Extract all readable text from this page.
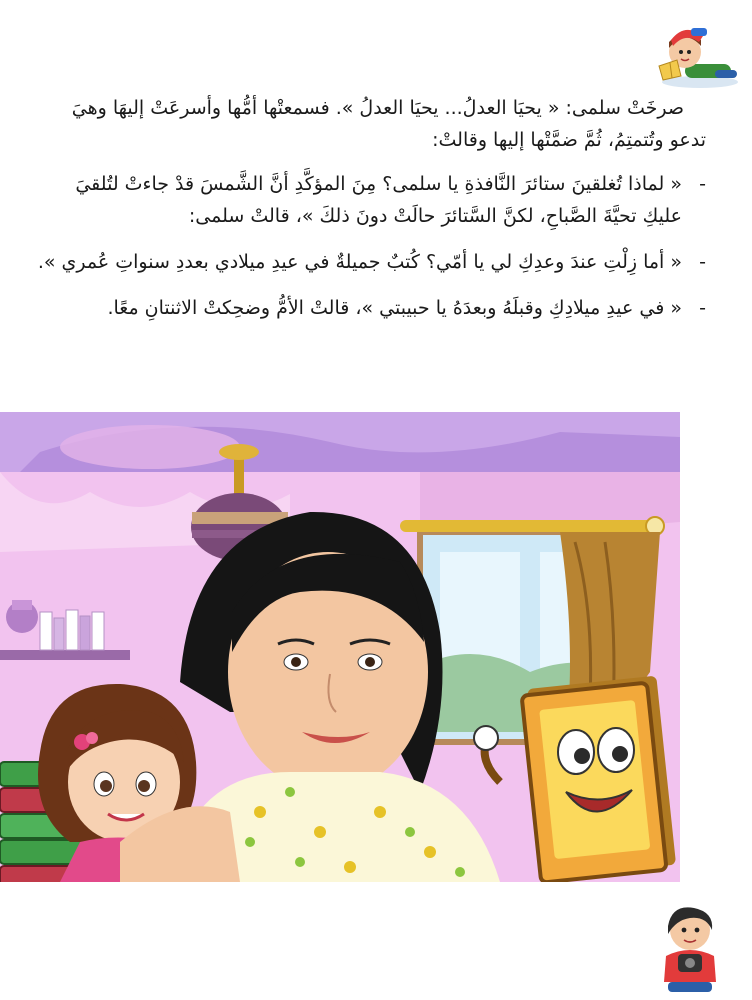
صرخَتْ سلمى: « يحيَا العدلُ... يحيَا العدلُ ». فسمعتْها أمُّها وأسرعَتْ إليهَا وهيَ تدعو وتُتمتِمُ، ثُمَّ ضمَّتْها إليها وقالتْ:

-
« لماذا تُغلقينَ ستائرَ النَّافذةِ يا سلمى؟ مِنَ المؤكَّدِ أنَّ الشَّمسَ قدْ جاءتْ لتُلقيَ عليكِ تحيَّةَ الصَّباحِ، لكنَّ السَّتائرَ حالَتْ دونَ ذلكَ »، قالتْ سلمى:
-
« أما زِلْتِ عندَ وعدِكِ لي يا أمّي؟ كُتبٌ جميلةٌ في عيدِ ميلادي بعددِ سنواتِ عُمري ».
-
« في عيدِ ميلادِكِ وقبلَهُ وبعدَهُ يا حبيبتي »، قالتْ الأمُّ وضحِكتْ الاثنتانِ معًا.
